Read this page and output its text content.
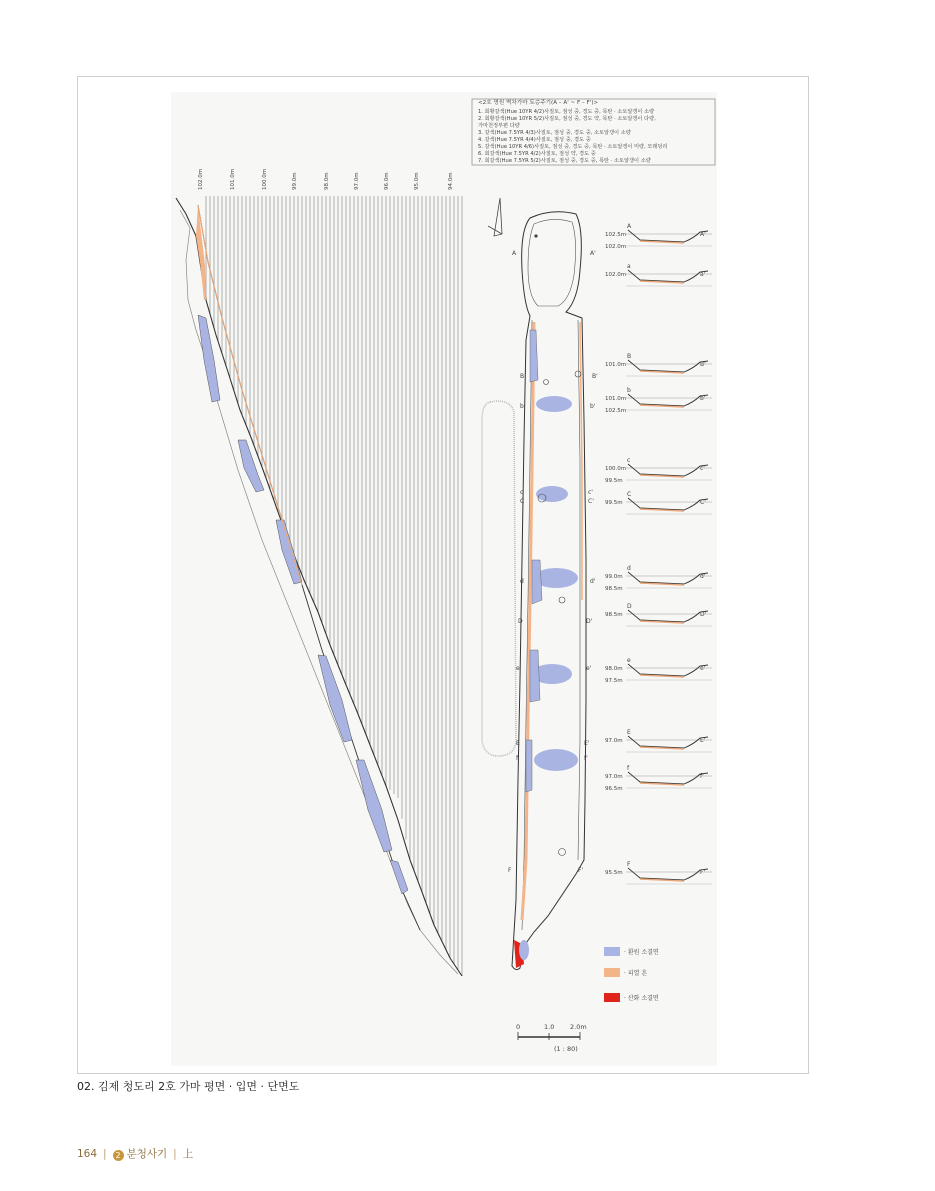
<2호 명원 벽차가마 토층주기(A – A' ~ F – F')>
1. 회황갈색(Hue 10YR 4/2)사질토, 점성 중, 경도 중, 목탄 · 소토알갱이 소량
2. 회황갈색(Hue 10YR 5/2)사질토, 점성 중, 경도 약, 목탄 · 소토알갱이 다량,
가마천정부편 다량
3. 갈색(Hue 7.5YR 4/3)사질토, 점성 중, 경도 중, 소토알갱이 소량
4. 갈색(Hue 7.5YR 4/4)사질토, 점성 중, 경도 중
5. 갈색(Hue 10YR 4/6)사질토, 점성 중, 경도 중, 목탄 · 소토알갱이 미량, 모래덩리
6. 회갈색(Hue 7.5YR 4/2)사질토, 점성 약, 경도 중
7. 회갈색(Hue 7.5YR 5/2)사질토, 점성 중, 경도 중, 목탄 · 소토알갱이 소량
102.0m	101.0m	100.0m	99.0m	98.0m	97.0m	96.0m	95.0m	94.0m
A	A'
B	B'
b	b'
c	c'
C	C'
d	d'
D	D'
e	e'
E	E'
f	f'
F	F'
A
A'
102.5m
102.0m
a
a'
102.0m
B
B'
101.0m
b
b'
101.0m
102.5m
c
c'
100.0m
99.5m
C
C'
99.5m
d
d'
99.0m
98.5m
D
D'
98.5m
e
e'
98.0m
97.5m
E
E'
97.0m
f
f'
97.0m
96.5m
F
F'
95.5m
· 환원 소결면
· 피열 흔
· 산화 소결면
0	1.0 2.0m
(1 : 80)
02. 김제 청도리 2호 가마 평면 · 입면 · 단면도
164 | 2 분청사기 | 上
